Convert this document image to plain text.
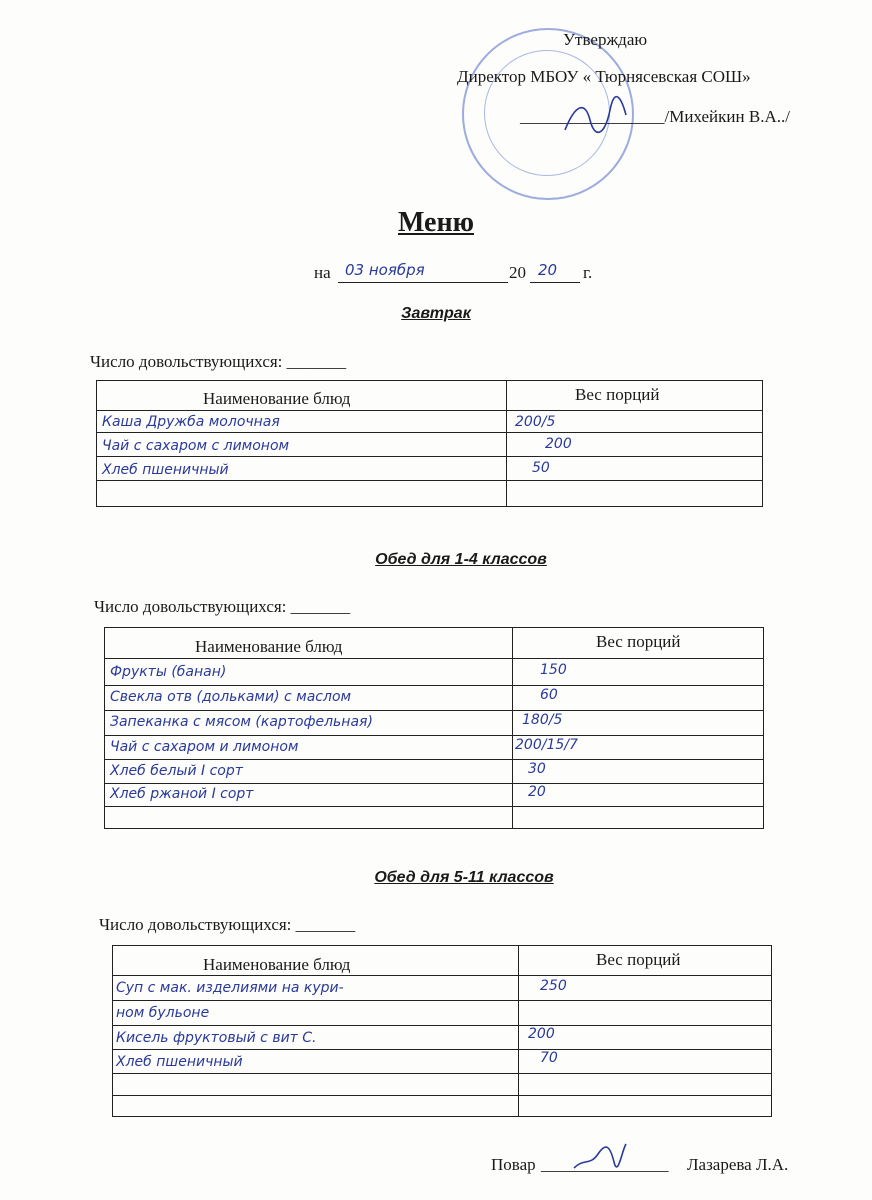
Утверждаю
Директор МБОУ « Тюрнясевская СОШ»
_________________/Михейкин В.А../
Меню
на 03 ноября	20 20 г.
Завтрак
Число довольствующихся: _______
Наименование блюд	Вес порций
Каша Дружба молочная	200/5
Чай с сахаром с лимоном	200
Хлеб пшеничный	50
Обед для 1-4 классов
Число довольствующихся: _______
Наименование блюд	Вес порций
Фрукты (банан)	150
Свекла отв (дольками) с маслом	60
Запеканка с мясом (картофельная)	180/5
Чай с сахаром и лимоном	200/15/7
Хлеб белый I сорт	30
Хлеб ржаной I сорт	20
Обед для 5-11 классов
Число довольствующихся: _______
Наименование блюд	Вес порций
Суп с мак. изделиями на кури-	250
ном бульоне
Кисель фруктовый с вит С.	200
Хлеб пшеничный	70
Повар _______________ Лазарева Л.А.
